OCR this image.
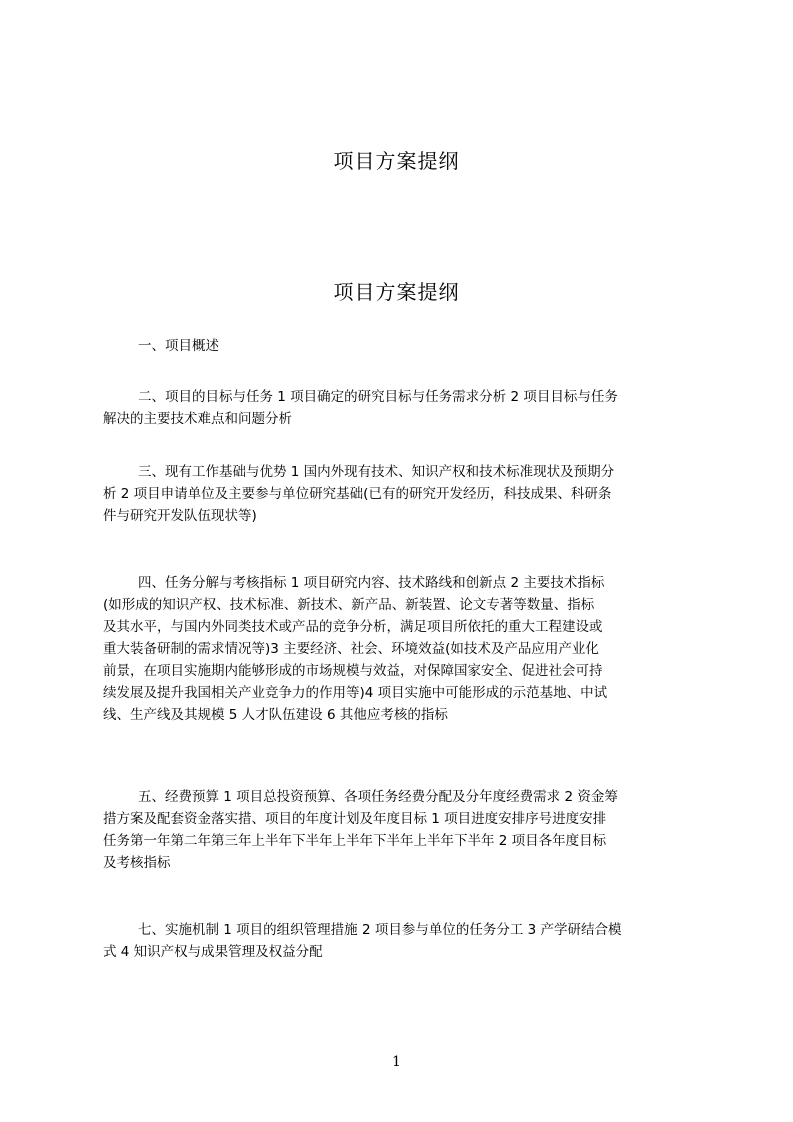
项目方案提纲
项目方案提纲
一、项目概述
二、项目的目标与任务 1 项目确定的研究目标与任务需求分析 2 项目目标与任务
解决的主要技术难点和问题分析
三、现有工作基础与优势 1 国内外现有技术、知识产权和技术标准现状及预期分
析 2 项目申请单位及主要参与单位研究基础(已有的研究开发经历，科技成果、科研条
件与研究开发队伍现状等)
四、任务分解与考核指标 1 项目研究内容、技术路线和创新点 2 主要技术指标
(如形成的知识产权、技术标准、新技术、新产品、新装置、论文专著等数量、指标
及其水平，与国内外同类技术或产品的竞争分析，满足项目所依托的重大工程建设或
重大装备研制的需求情况等)3 主要经济、社会、环境效益(如技术及产品应用产业化
前景，在项目实施期内能够形成的市场规模与效益，对保障国家安全、促进社会可持
续发展及提升我国相关产业竞争力的作用等)4 项目实施中可能形成的示范基地、中试
线、生产线及其规模 5 人才队伍建设 6 其他应考核的指标
五、经费预算 1 项目总投资预算、各项任务经费分配及分年度经费需求 2 资金筹
措方案及配套资金落实措、项目的年度计划及年度目标 1 项目进度安排序号进度安排
任务第一年第二年第三年上半年下半年上半年下半年上半年下半年 2 项目各年度目标
及考核指标
七、实施机制 1 项目的组织管理措施 2 项目参与单位的任务分工 3 产学研结合模
式 4 知识产权与成果管理及权益分配
1
